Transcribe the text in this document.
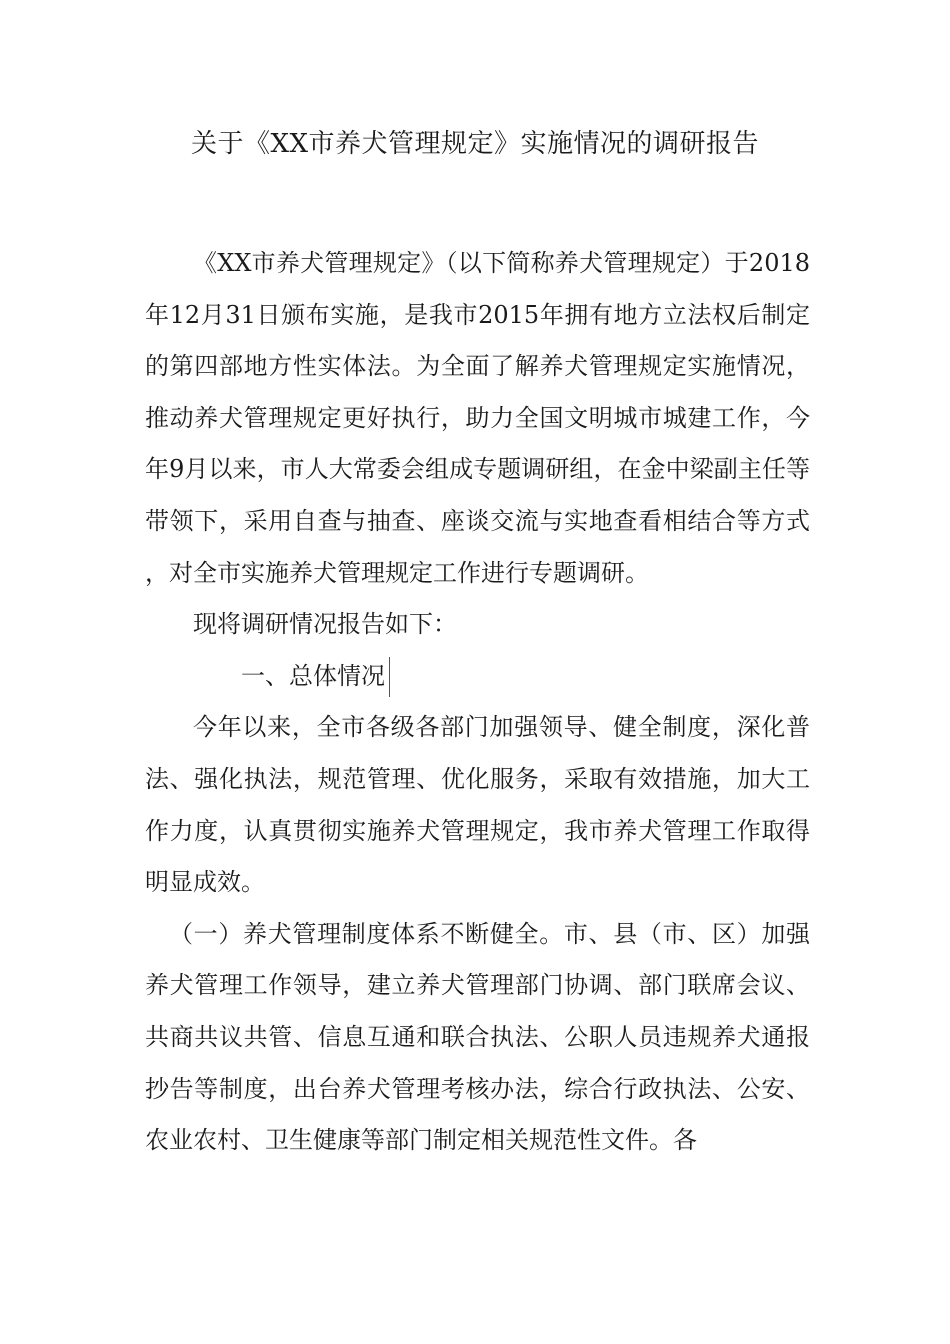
关于《XX市养犬管理规定》实施情况的调研报告

《XX市养犬管理规定》（以下简称养犬管理规定）于2018年12月31日颁布实施，是我市2015年拥有地方立法权后制定的第四部地方性实体法。为全面了解养犬管理规定实施情况，推动养犬管理规定更好执行，助力全国文明城市城建工作，今年9月以来，市人大常委会组成专题调研组，在金中梁副主任等带领下，采用自查与抽查、座谈交流与实地查看相结合等方式，对全市实施养犬管理规定工作进行专题调研。

现将调研情况报告如下：

一、总体情况

今年以来，全市各级各部门加强领导、健全制度，深化普法、强化执法，规范管理、优化服务，采取有效措施，加大工作力度，认真贯彻实施养犬管理规定，我市养犬管理工作取得明显成效。

（一）养犬管理制度体系不断健全。市、县（市、区）加强养犬管理工作领导，建立养犬管理部门协调、部门联席会议、共商共议共管、信息互通和联合执法、公职人员违规养犬通报抄告等制度，出台养犬管理考核办法，综合行政执法、公安、农业农村、卫生健康等部门制定相关规范性文件。各
